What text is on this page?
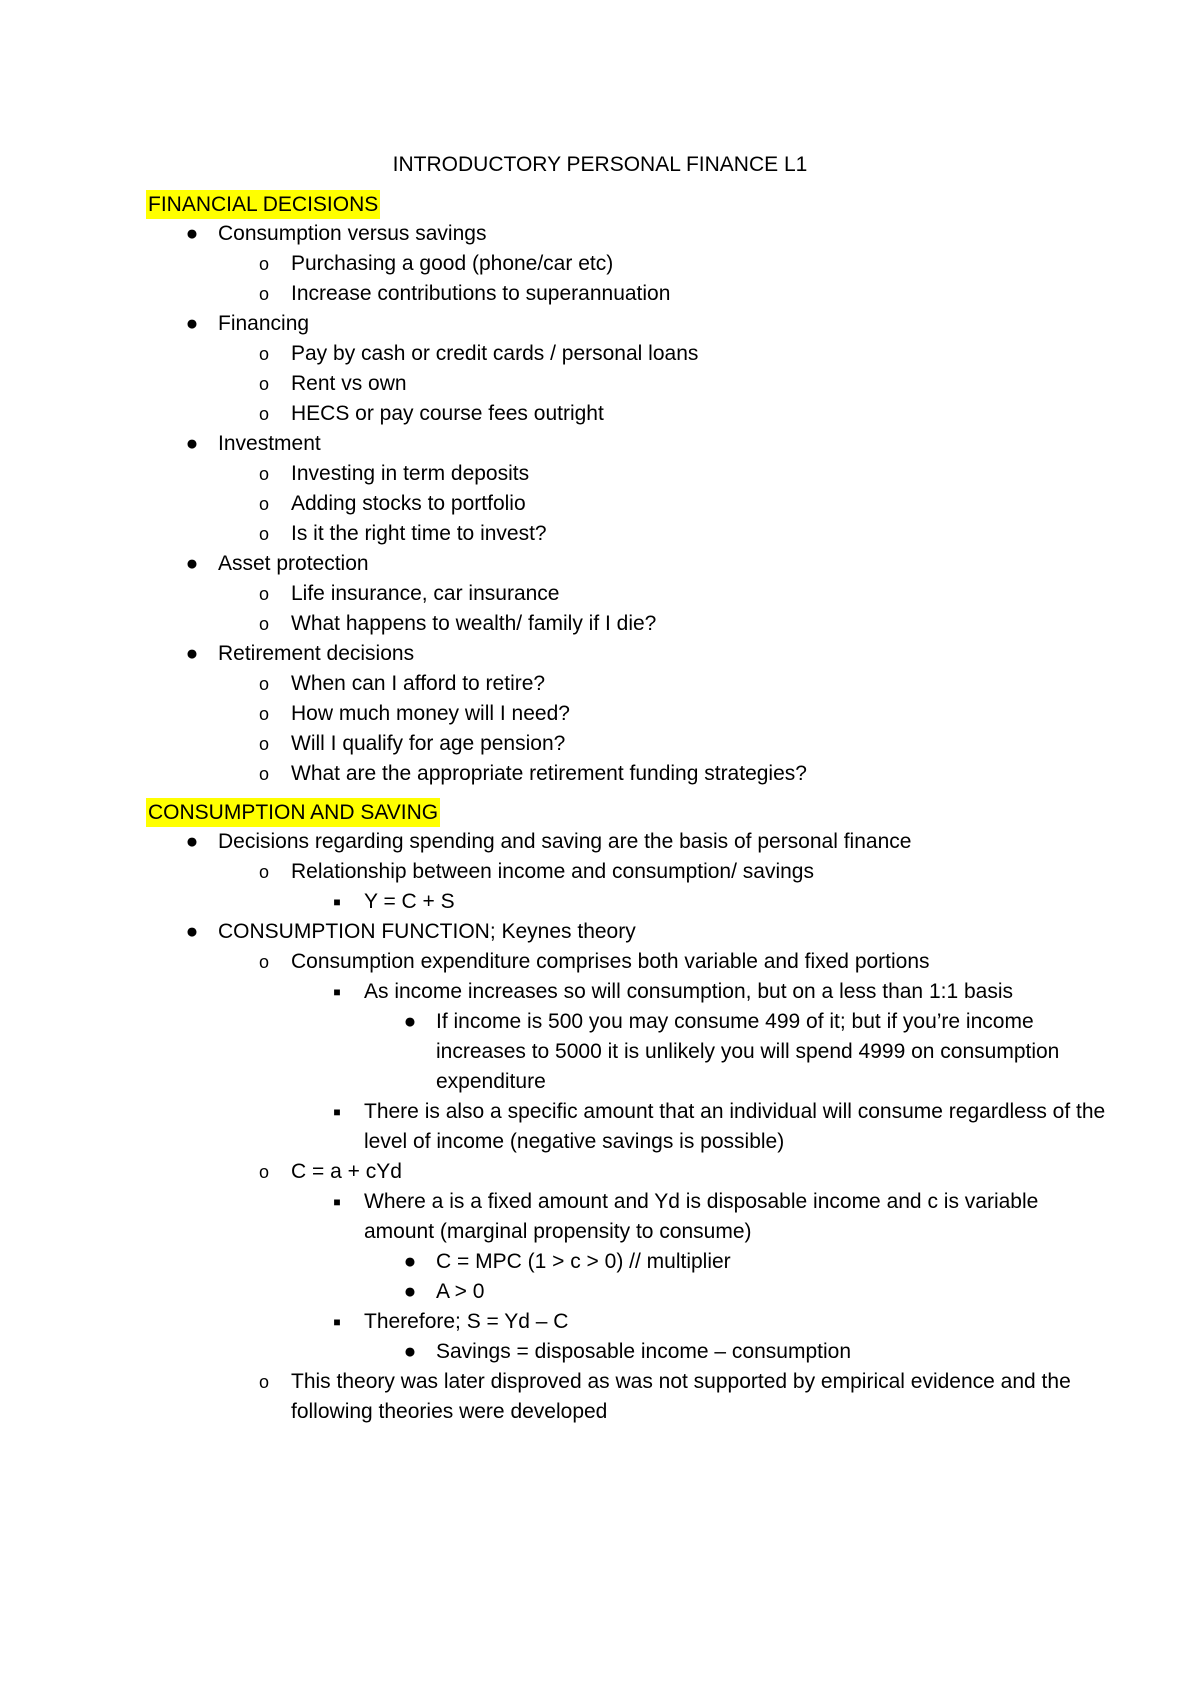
INTRODUCTORY PERSONAL FINANCE L1
FINANCIAL DECISIONS
● Consumption versus savings
o Purchasing a good (phone/car etc)
o Increase contributions to superannuation
● Financing
o Pay by cash or credit cards / personal loans
o Rent vs own
o HECS or pay course fees outright
● Investment
o Investing in term deposits
o Adding stocks to portfolio
o Is it the right time to invest?
● Asset protection
o Life insurance, car insurance
o What happens to wealth/ family if I die?
● Retirement decisions
o When can I afford to retire?
o How much money will I need?
o Will I qualify for age pension?
o What are the appropriate retirement funding strategies?
CONSUMPTION AND SAVING
● Decisions regarding spending and saving are the basis of personal finance
o Relationship between income and consumption/ savings
■	Y = C + S
● CONSUMPTION FUNCTION; Keynes theory
o Consumption expenditure comprises both variable and fixed portions
■	As income increases so will consumption, but on a less than 1:1 basis
● If income is 500 you may consume 499 of it; but if you’re income increases to 5000 it is unlikely you will spend 4999 on consumption expenditure
■	There is also a specific amount that an individual will consume regardless of the level of income (negative savings is possible)
o C = a + cYd
■	Where a is a fixed amount and Yd is disposable income and c is variable amount (marginal propensity to consume)
● C = MPC (1 > c > 0) // multiplier
● A > 0
■	Therefore; S = Yd – C
● Savings = disposable income – consumption
o This theory was later disproved as was not supported by empirical evidence and the following theories were developed
